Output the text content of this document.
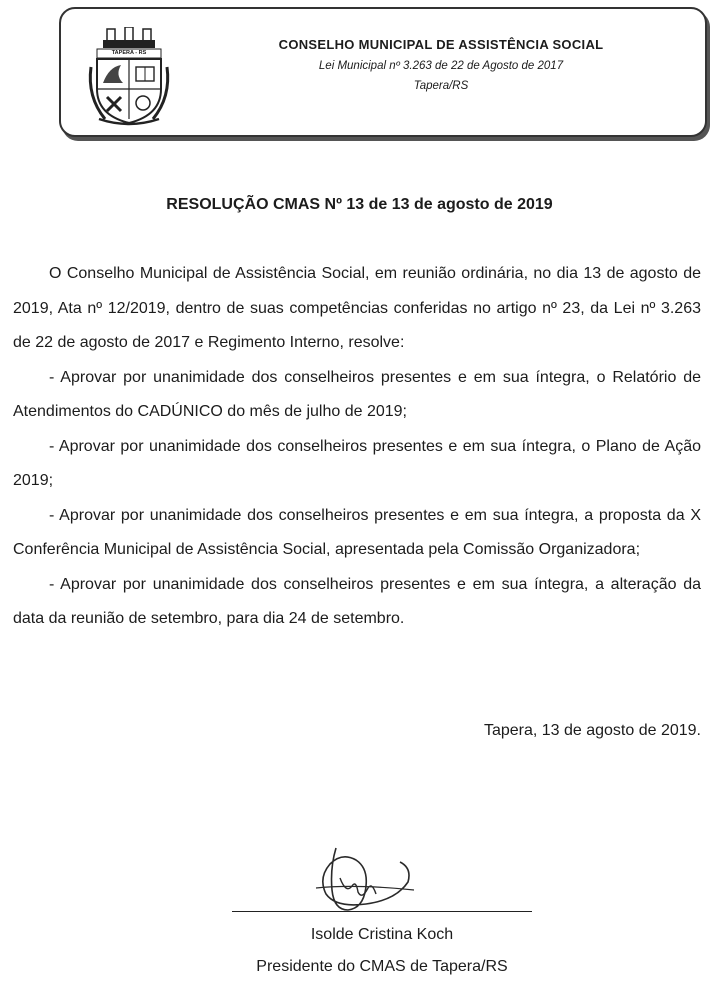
TAPERA - RS

CONSELHO MUNICIPAL DE ASSISTÊNCIA SOCIAL

Lei Municipal nº 3.263 de 22 de Agosto de 2017

Tapera/RS

RESOLUÇÃO CMAS Nº 13 de 13 de agosto de 2019

O Conselho Municipal de Assistência Social, em reunião ordinária, no dia 13 de agosto de 2019, Ata nº 12/2019, dentro de suas competências conferidas no artigo nº 23, da Lei nº 3.263 de 22 de agosto de 2017 e Regimento Interno, resolve:

- Aprovar por unanimidade dos conselheiros presentes e em sua íntegra, o Relatório de Atendimentos do CADÚNICO do mês de julho de 2019;

- Aprovar por unanimidade dos conselheiros presentes e em sua íntegra, o Plano de Ação 2019;

- Aprovar por unanimidade dos conselheiros presentes e em sua íntegra, a proposta da X Conferência Municipal de Assistência Social, apresentada pela Comissão Organizadora;

- Aprovar por unanimidade dos conselheiros presentes e em sua íntegra, a alteração da data da reunião de setembro, para dia 24 de setembro.

Tapera, 13 de agosto de 2019.

Isolde Cristina Koch

Presidente do CMAS de Tapera/RS
